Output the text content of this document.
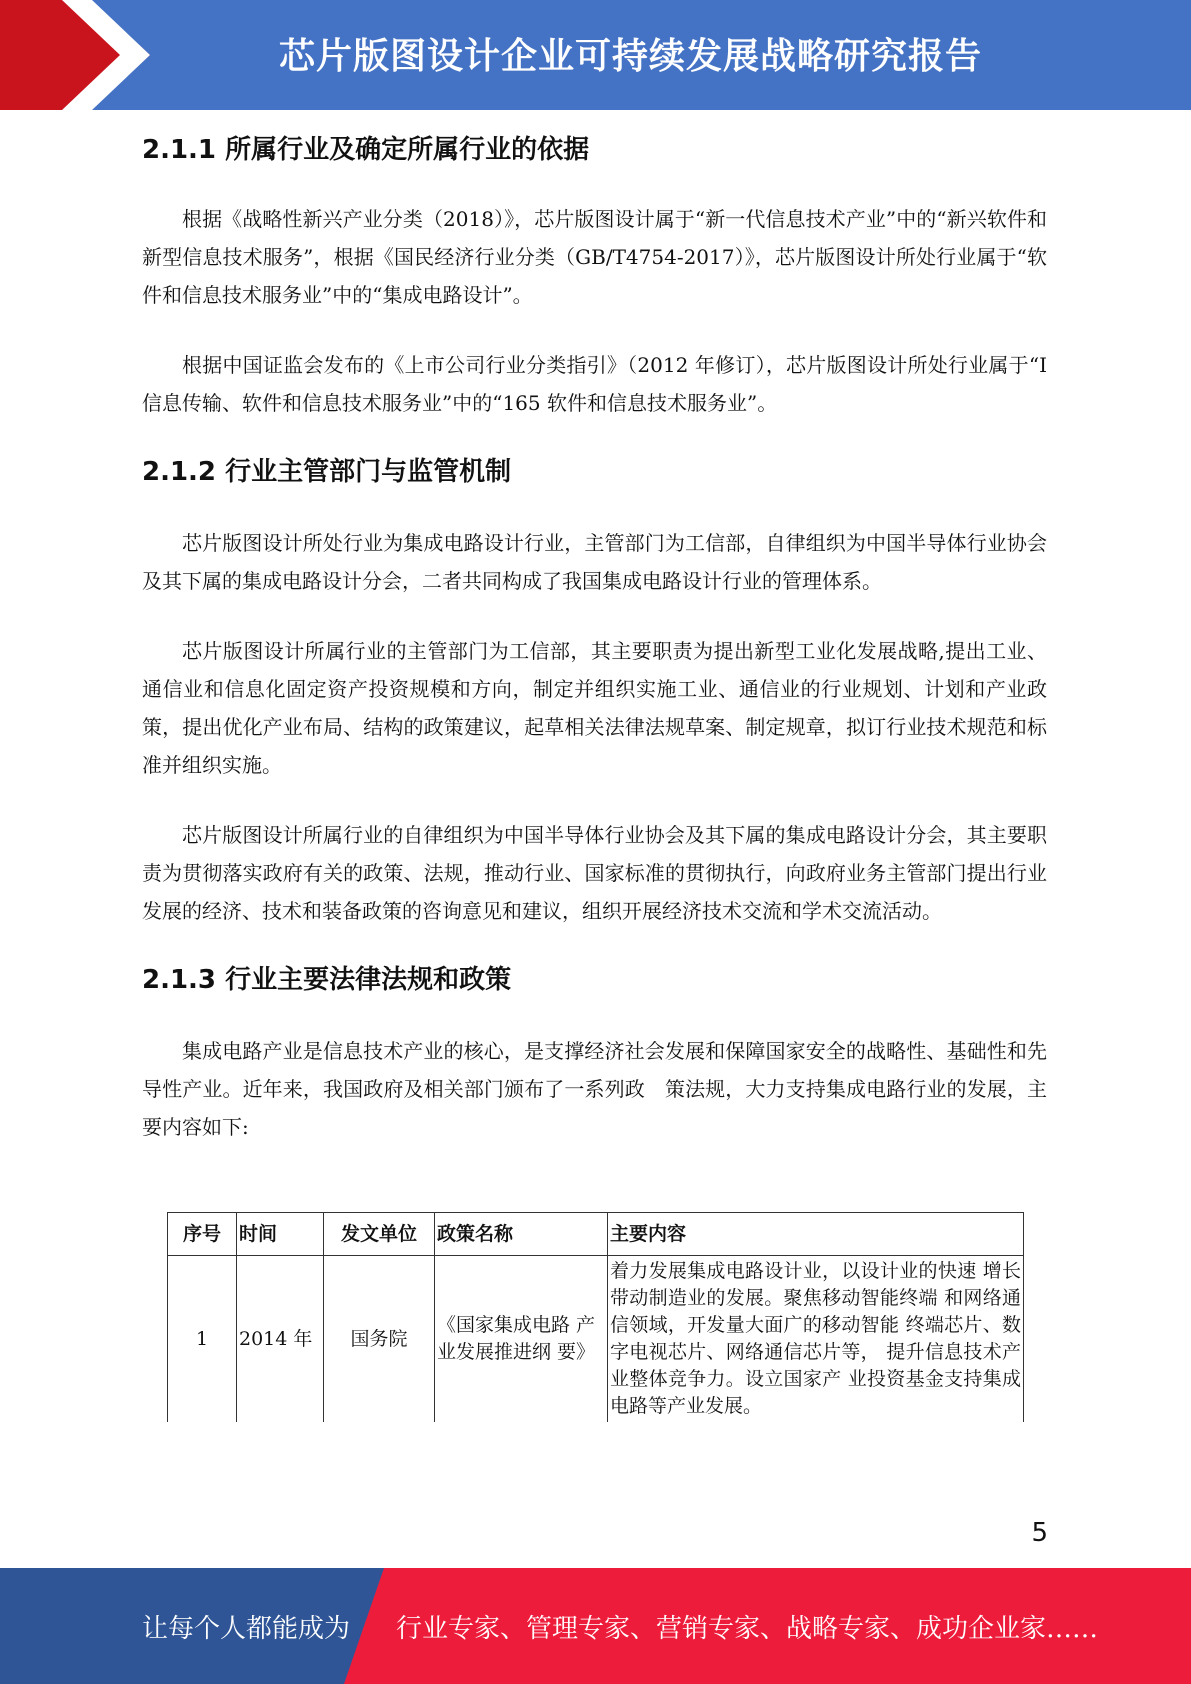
芯片版图设计企业可持续发展战略研究报告
2.1.1 所属行业及确定所属行业的依据

根据《战略性新兴产业分类（2018）》，芯片版图设计属于“新一代信息技术产业”中的“新兴软件和新型信息技术服务”，根据《国民经济行业分类（GB/T4754-2017）》，芯片版图设计所处行业属于“软件和信息技术服务业”中的“集成电路设计”。

根据中国证监会发布的《上市公司行业分类指引》（2012 年修订），芯片版图设计所处行业属于“I 信息传输、软件和信息技术服务业”中的“165 软件和信息技术服务业”。

2.1.2 行业主管部门与监管机制

芯片版图设计所处行业为集成电路设计行业，主管部门为工信部，自律组织为中国半导体行业协会及其下属的集成电路设计分会，二者共同构成了我国集成电路设计行业的管理体系。

芯片版图设计所属行业的主管部门为工信部，其主要职责为提出新型工业化发展战略,提出工业、通信业和信息化固定资产投资规模和方向，制定并组织实施工业、通信业的行业规划、计划和产业政策，提出优化产业布局、结构的政策建议，起草相关法律法规草案、制定规章，拟订行业技术规范和标准并组织实施。

芯片版图设计所属行业的自律组织为中国半导体行业协会及其下属的集成电路设计分会，其主要职责为贯彻落实政府有关的政策、法规，推动行业、国家标准的贯彻执行，向政府业务主管部门提出行业发展的经济、技术和装备政策的咨询意见和建议，组织开展经济技术交流和学术交流活动。

2.1.3 行业主要法律法规和政策

集成电路产业是信息技术产业的核心，是支撑经济社会发展和保障国家安全的战略性、基础性和先导性产业。近年来，我国政府及相关部门颁布了一系列政　策法规，大力支持集成电路行业的发展，主要内容如下:

序号	时间	发文单位	政策名称	主要内容
1	2014 年	国务院	《国家集成电路 产业发展推进纲 要》	着力发展集成电路设计业，以设计业的快速 增长带动制造业的发展。聚焦移动智能终端 和网络通信领域，开发量大面广的移动智能 终端芯片、数字电视芯片、网络通信芯片等， 提升信息技术产业整体竞争力。设立国家产 业投资基金支持集成电路等产业发展。
5
让每个人都能成为 行业专家、管理专家、营销专家、战略专家、成功企业家……
